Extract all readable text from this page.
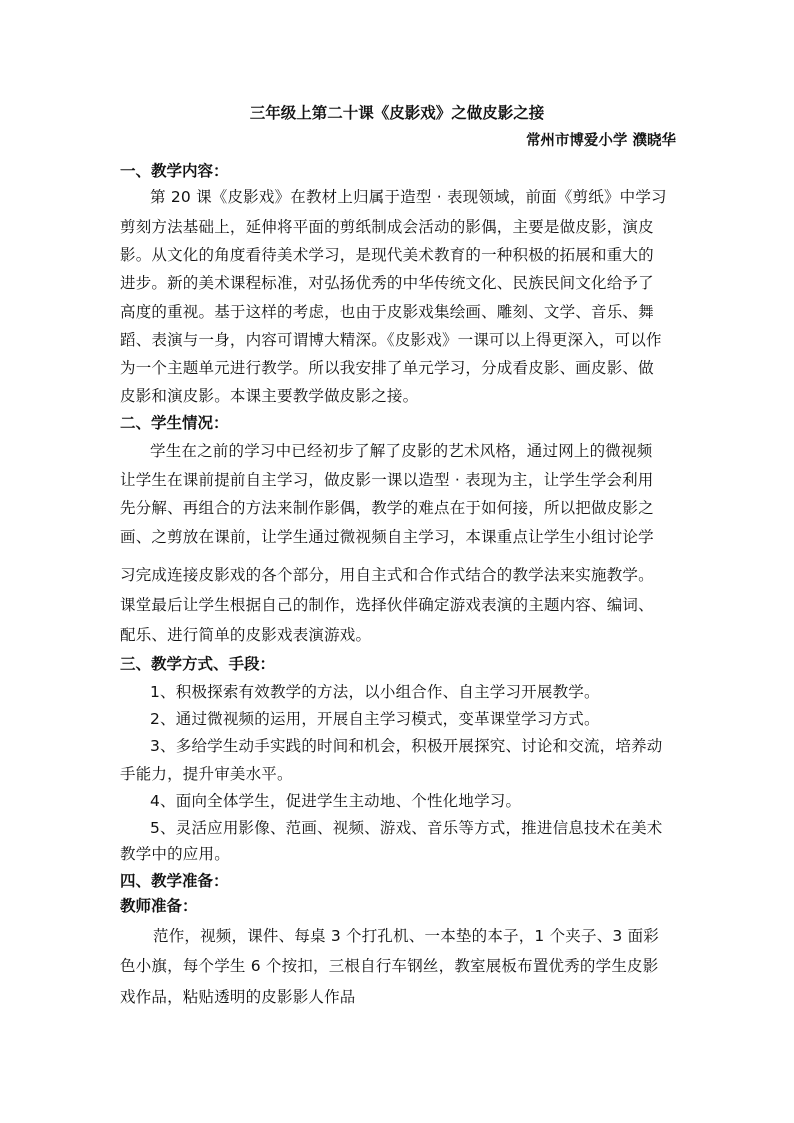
三年级上第二十课《皮影戏》之做皮影之接
常州市博爱小学 濮晓华
一、教学内容：
第 20 课《皮影戏》在教材上归属于造型 · 表现领域，前面《剪纸》中学习
剪刻方法基础上，延伸将平面的剪纸制成会活动的影偶，主要是做皮影，演皮
影。从文化的角度看待美术学习，是现代美术教育的一种积极的拓展和重大的
进步。新的美术课程标准，对弘扬优秀的中华传统文化、民族民间文化给予了
高度的重视。基于这样的考虑，也由于皮影戏集绘画、雕刻、文学、音乐、舞
蹈、表演与一身，内容可谓博大精深。《皮影戏》一课可以上得更深入，可以作
为一个主题单元进行教学。所以我安排了单元学习，分成看皮影、画皮影、做
皮影和演皮影。本课主要教学做皮影之接。
二、学生情况：
学生在之前的学习中已经初步了解了皮影的艺术风格，通过网上的微视频
让学生在课前提前自主学习，做皮影一课以造型 · 表现为主，让学生学会利用
先分解、再组合的方法来制作影偶，教学的难点在于如何接，所以把做皮影之
画、之剪放在课前，让学生通过微视频自主学习，本课重点让学生小组讨论学
习完成连接皮影戏的各个部分，用自主式和合作式结合的教学法来实施教学。
课堂最后让学生根据自己的制作，选择伙伴确定游戏表演的主题内容、编词、
配乐、进行简单的皮影戏表演游戏。
三、教学方式、手段：
1、积极探索有效教学的方法，以小组合作、自主学习开展教学。
2、通过微视频的运用，开展自主学习模式，变革课堂学习方式。
3、多给学生动手实践的时间和机会，积极开展探究、讨论和交流，培养动
手能力，提升审美水平。
4、面向全体学生，促进学生主动地、个性化地学习。
5、灵活应用影像、范画、视频、游戏、音乐等方式，推进信息技术在美术
教学中的应用。
四、教学准备：
教师准备：
范作，视频，课件、每桌 3 个打孔机、一本垫的本子，1 个夹子、3 面彩
色小旗，每个学生 6 个按扣，三根自行车钢丝，教室展板布置优秀的学生皮影
戏作品，粘贴透明的皮影影人作品
